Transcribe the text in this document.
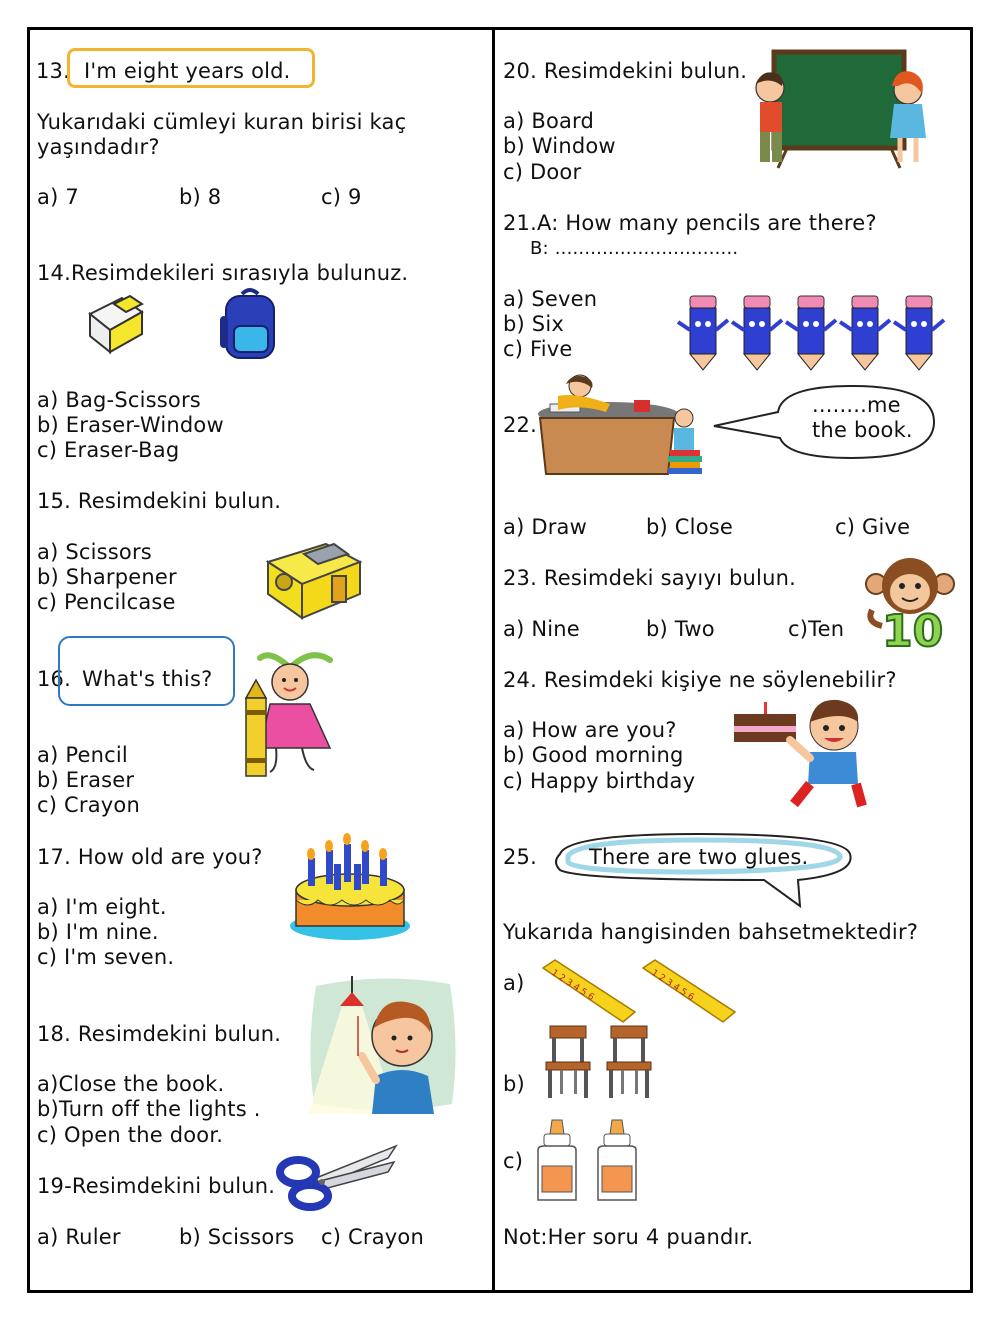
13. I'm eight years old.
Yukarıdaki cümleyi kuran birisi kaç
yaşındadır?
a) 7	b) 8	c) 9
14.Resimdekileri sırasıyla bulunuz.
a) Bag-Scissors
b) Eraser-Window
c) Eraser-Bag
15. Resimdekini bulun.
a) Scissors
b) Sharpener
c) Pencilcase
16. What's this?
a) Pencil
b) Eraser
c) Crayon
17. How old are you?
a) I'm eight.
b) I'm nine.
c) I'm seven.
18. Resimdekini bulun.
a)Close the book.
b)Turn off the lights .
c) Open the door.
19-Resimdekini bulun.
a) Ruler	b) Scissors c) Crayon
20. Resimdekini bulun.
a) Board
b) Window
c) Door
21.A: How many pencils are there?
B: ...............................
a) Seven
b) Six
c) Five
22.
........me
the book.
a) Draw	b) Close	c) Give
23. Resimdeki sayıyı bulun.
a) Nine	b) Two	c)Ten 10
24. Resimdeki kişiye ne söylenebilir?
a) How are you?
b) Good morning
c) Happy birthday
25. There are two glues.
Yukarıda hangisinden bahsetmektedir?
a)	1 2 3 4 5 6	1 2 3 4 5 6
b)
c)
Not:Her soru 4 puandır.
